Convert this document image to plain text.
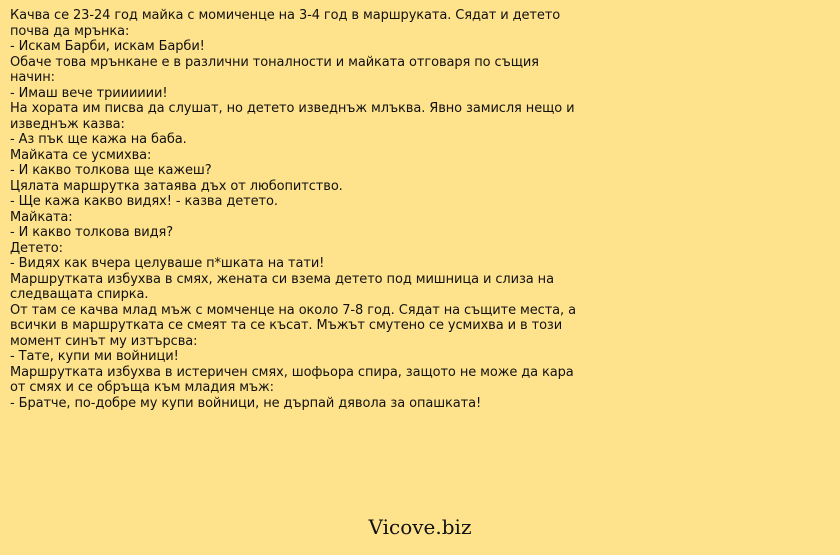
Качва се 23-24 год майка с момиченце на 3-4 год в маршруката. Сядат и детето почва да мрънка:
- Искам Барби, искам Барби!
Обаче това мрънкане е в различни тоналности и майката отговаря по същия начин:
- Имаш вече трииииии!
На хората им писва да слушат, но детето изведнъж млъква. Явно замисля нещо и изведнъж казва:
- Аз пък ще кажа на баба.
Майката се усмихва:
- И какво толкова ще кажеш?
Цялата маршрутка затаява дъх от любопитство.
- Ще кажа какво видях! - казва детето.
Майката:
- И какво толкова видя?
Детето:
- Видях как вчера целуваше п*шката на тати!
Маршрутката избухва в смях, жената си взема детето под мишница и слиза на следващата спирка.
От там се качва млад мъж с момченце на около 7-8 год. Сядат на същите места, а всички в маршрутката се смеят та се късат. Мъжът смутено се усмихва и в този момент синът му изтърсва:
- Тате, купи ми войници!
Маршрутката избухва в истеричен смях, шофьора спира, защото не може да кара от смях и се обръща към младия мъж:
- Братче, по-добре му купи войници, не дърпай дявола за опашката!
Vicove.biz
